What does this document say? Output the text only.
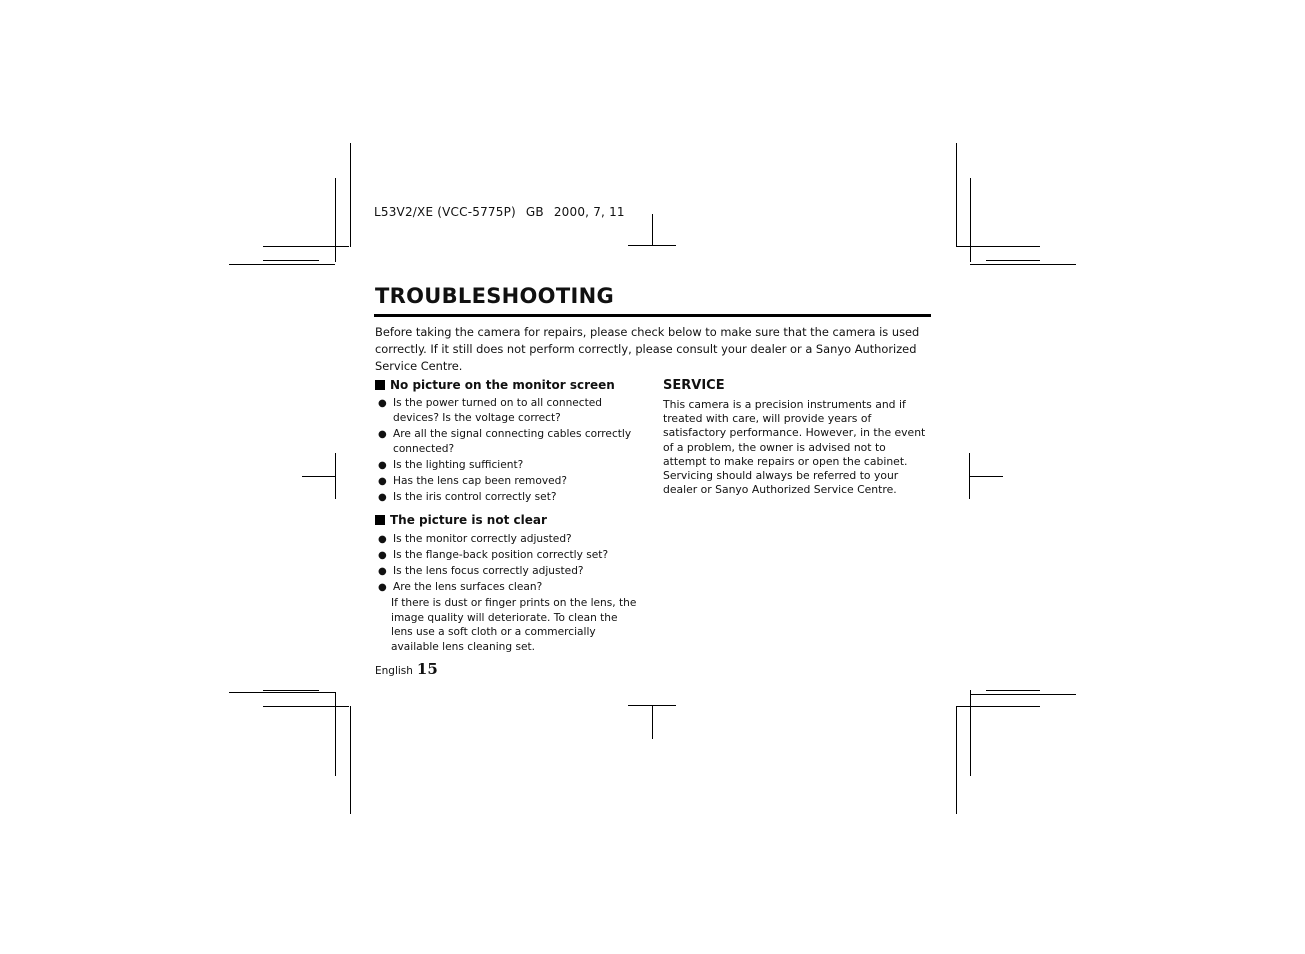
L53V2/XE (VCC-5775P) GB 2000, 7, 11
TROUBLESHOOTING
Before taking the camera for repairs, please check below to make sure that the camera is used correctly. If it still does not perform correctly, please consult your dealer or a Sanyo Authorized Service Centre.
No picture on the monitor screen
● Is the power turned on to all connected devices? Is the voltage correct?
● Are all the signal connecting cables correctly connected?
● Is the lighting sufficient?
● Has the lens cap been removed?
● Is the iris control correctly set?
The picture is not clear
● Is the monitor correctly adjusted?
● Is the flange-back position correctly set?
● Is the lens focus correctly adjusted?
● Are the lens surfaces clean?
If there is dust or finger prints on the lens, the image quality will deteriorate. To clean the lens use a soft cloth or a commercially available lens cleaning set.
SERVICE
This camera is a precision instruments and if treated with care, will provide years of satisfactory performance. However, in the event of a problem, the owner is advised not to attempt to make repairs or open the cabinet. Servicing should always be referred to your dealer or Sanyo Authorized Service Centre.
English 15
